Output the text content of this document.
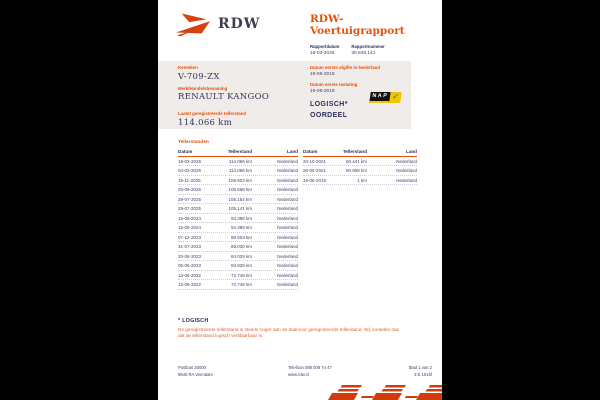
RDW	RDW-Voertuigrapport
Rapportdatum
18-03-2026
Rapportnummer
30.848.141
Kenteken
V-709-ZX
Merk/Handelsbenaming
RENAULT KANGOO
Laatst geregistreerde tellerstand
114.066 km
Datum eerste afgifte in Nederland
19-06-2019
Datum eerste toelating
19-06-2019
LOGISCH*
OORDEEL
NAP ✓
Tellerstanden
Datum	Tellerstand	Land
18-03-2026	114.066 km	Nederland
04-03-2026	114.066 km	Nederland
19-11-2025	109.603 km	Nederland
03-09-2025	105.569 km	Nederland
29-07-2025	105.154 km	Nederland
29-07-2025	105.141 km	Nederland
15-05-2024	94.388 km	Nederland
15-05-2024	94.388 km	Nederland
07-12-2023	89.503 km	Nederland
31-07-2023	85.030 km	Nederland
20-06-2023	84.029 km	Nederland
05-06-2023	83.928 km	Nederland
13-06-2022	72.749 km	Nederland
13-06-2022	72.749 km	Nederland
Datum	Tellerstand	Land
20-10-2021	60.441 km	Nederland
26-05-2021	50.958 km	Nederland
19-06-2019	1 km	Nederland
* LOGISCH
De geregistreerde tellerstand is steeds hoger dan de daarvoor geregistreerde tellerstand. Wij oordelen dan dat de tellerstand logisch verklaarbaar is.
Postbus 30000
9640 RA Veendam
Telefoon 088 008 74 47
www.rdw.nl
Blad 1 van 2
3 E 1015f
